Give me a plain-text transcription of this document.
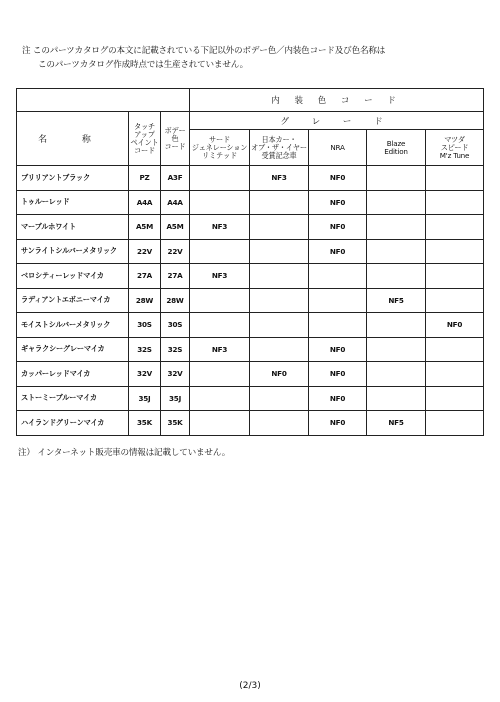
注 このパーツカタログの本文に記載されている下記以外のボデー色／内装色コード及び色名称は
このパーツカタログ作成時点では生産されていません。
			内 装 色 コ ー ド				
名 称	タッチ
アップ
ペイント
コード	ボデー
色
コード	グ レ ー ド				

			サード
ジェネレーション
リミテッド	日本カー・
オブ・ザ・イヤー
受賞記念車	NRA	Blaze
Edition	マツダ
スピード
M'z Tune

ブリリアントブラック	PZ	A3F		NF3	NF0		
トゥルーレッド	A4A	A4A			NF0		
マーブルホワイト	A5M	A5M	NF3		NF0		
サンライトシルバーメタリック	22V	22V			NF0		
ベロシティーレッドマイカ	27A	27A	NF3				
ラディアントエボニーマイカ	28W	28W				NF5	
モイストシルバーメタリック	30S	30S					NF0
ギャラクシーグレーマイカ	32S	32S	NF3		NF0		
カッパーレッドマイカ	32V	32V		NF0	NF0		
ストーミーブルーマイカ	35J	35J			NF0		
ハイランドグリーンマイカ	35K	35K			NF0	NF5	
注） インターネット販売車の情報は記載していません。
(2/3)
